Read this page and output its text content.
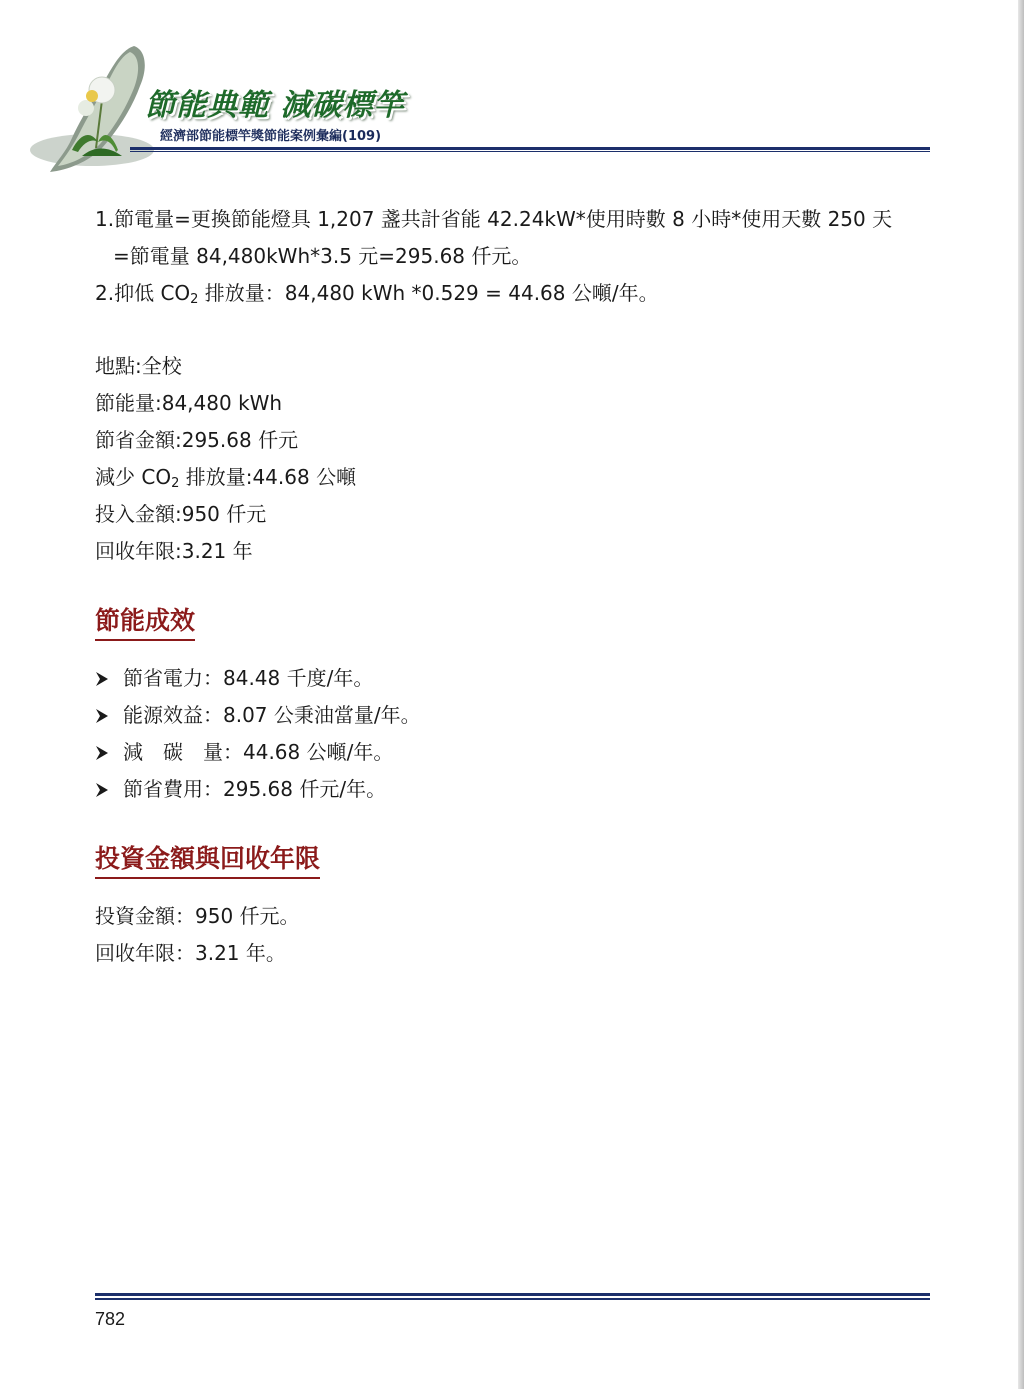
節能典範 減碳標竿
經濟部節能標竿獎節能案例彙編(109)
1.節電量=更換節能燈具 1,207 盞共計省能 42.24kW*使用時數 8 小時*使用天數 250 天
=節電量 84,480kWh*3.5 元=295.68 仟元。
2.抑低 $CO_2$ 排放量：84,480 kWh *0.529 = 44.68 公噸/年。
地點:全校
節能量:84,480 kWh
節省金額:295.68 仟元
減少 $CO_2$ 排放量:44.68 公噸
投入金額:950 仟元
回收年限:3.21 年
節能成效
節省電力：84.48 千度/年。
能源效益：8.07 公秉油當量/年。
減　碳　量：44.68 公噸/年。
節省費用：295.68 仟元/年。
投資金額與回收年限
投資金額：950 仟元。
回收年限：3.21 年。
782
